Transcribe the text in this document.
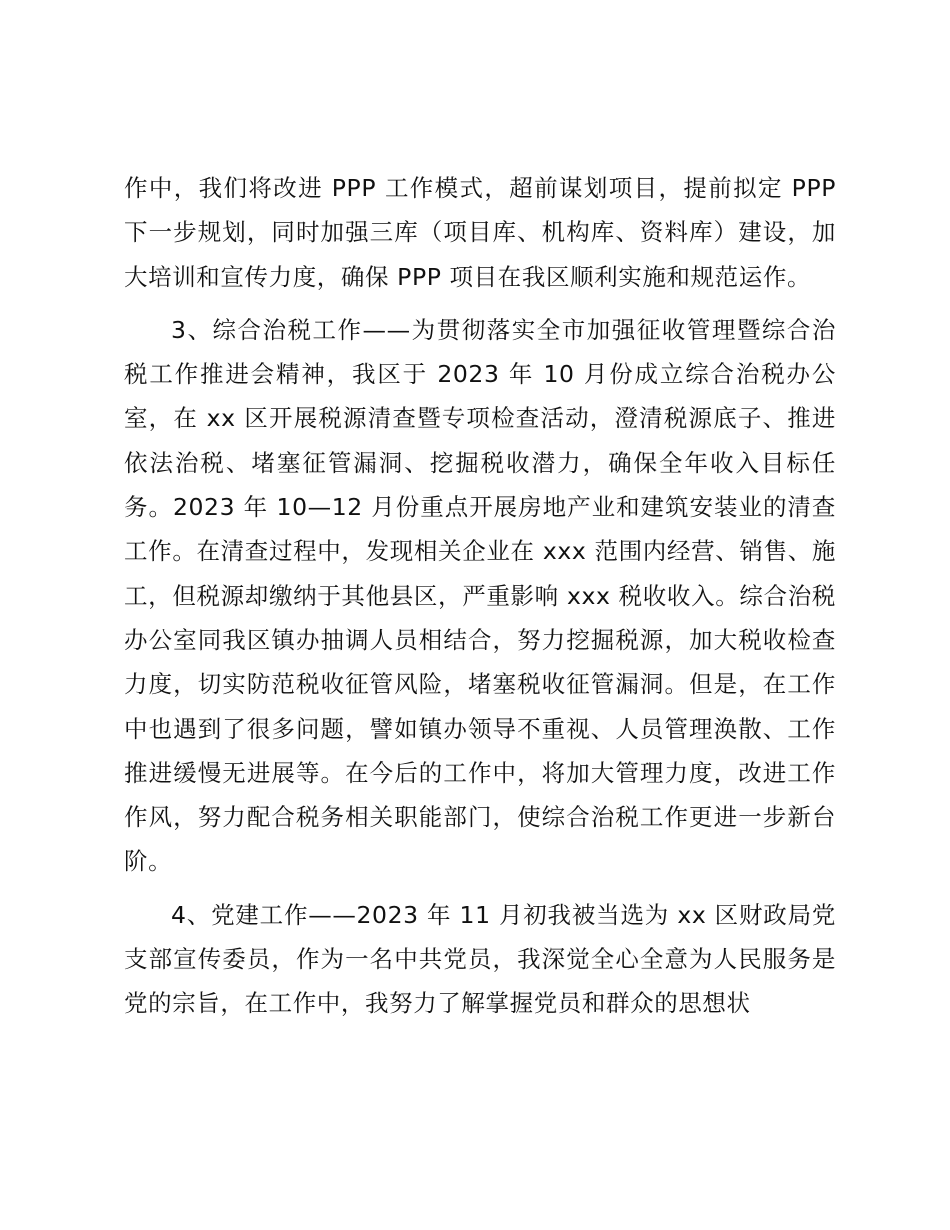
作中，我们将改进 PPP 工作模式，超前谋划项目，提前拟定 PPP 下一步规划，同时加强三库（项目库、机构库、资料库）建设，加大培训和宣传力度，确保 PPP 项目在我区顺利实施和规范运作。

3、综合治税工作——为贯彻落实全市加强征收管理暨综合治税工作推进会精神，我区于 2023 年 10 月份成立综合治税办公室，在 xx 区开展税源清查暨专项检查活动，澄清税源底子、推进依法治税、堵塞征管漏洞、挖掘税收潜力，确保全年收入目标任务。2023 年 10—12 月份重点开展房地产业和建筑安装业的清查工作。在清查过程中，发现相关企业在 xxx 范围内经营、销售、施工，但税源却缴纳于其他县区，严重影响 xxx 税收收入。综合治税办公室同我区镇办抽调人员相结合，努力挖掘税源，加大税收检查力度，切实防范税收征管风险，堵塞税收征管漏洞。但是，在工作中也遇到了很多问题，譬如镇办领导不重视、人员管理涣散、工作推进缓慢无进展等。在今后的工作中，将加大管理力度，改进工作作风，努力配合税务相关职能部门，使综合治税工作更进一步新台阶。

4、党建工作——2023 年 11 月初我被当选为 xx 区财政局党支部宣传委员，作为一名中共党员，我深觉全心全意为人民服务是党的宗旨，在工作中，我努力了解掌握党员和群众的思想状
